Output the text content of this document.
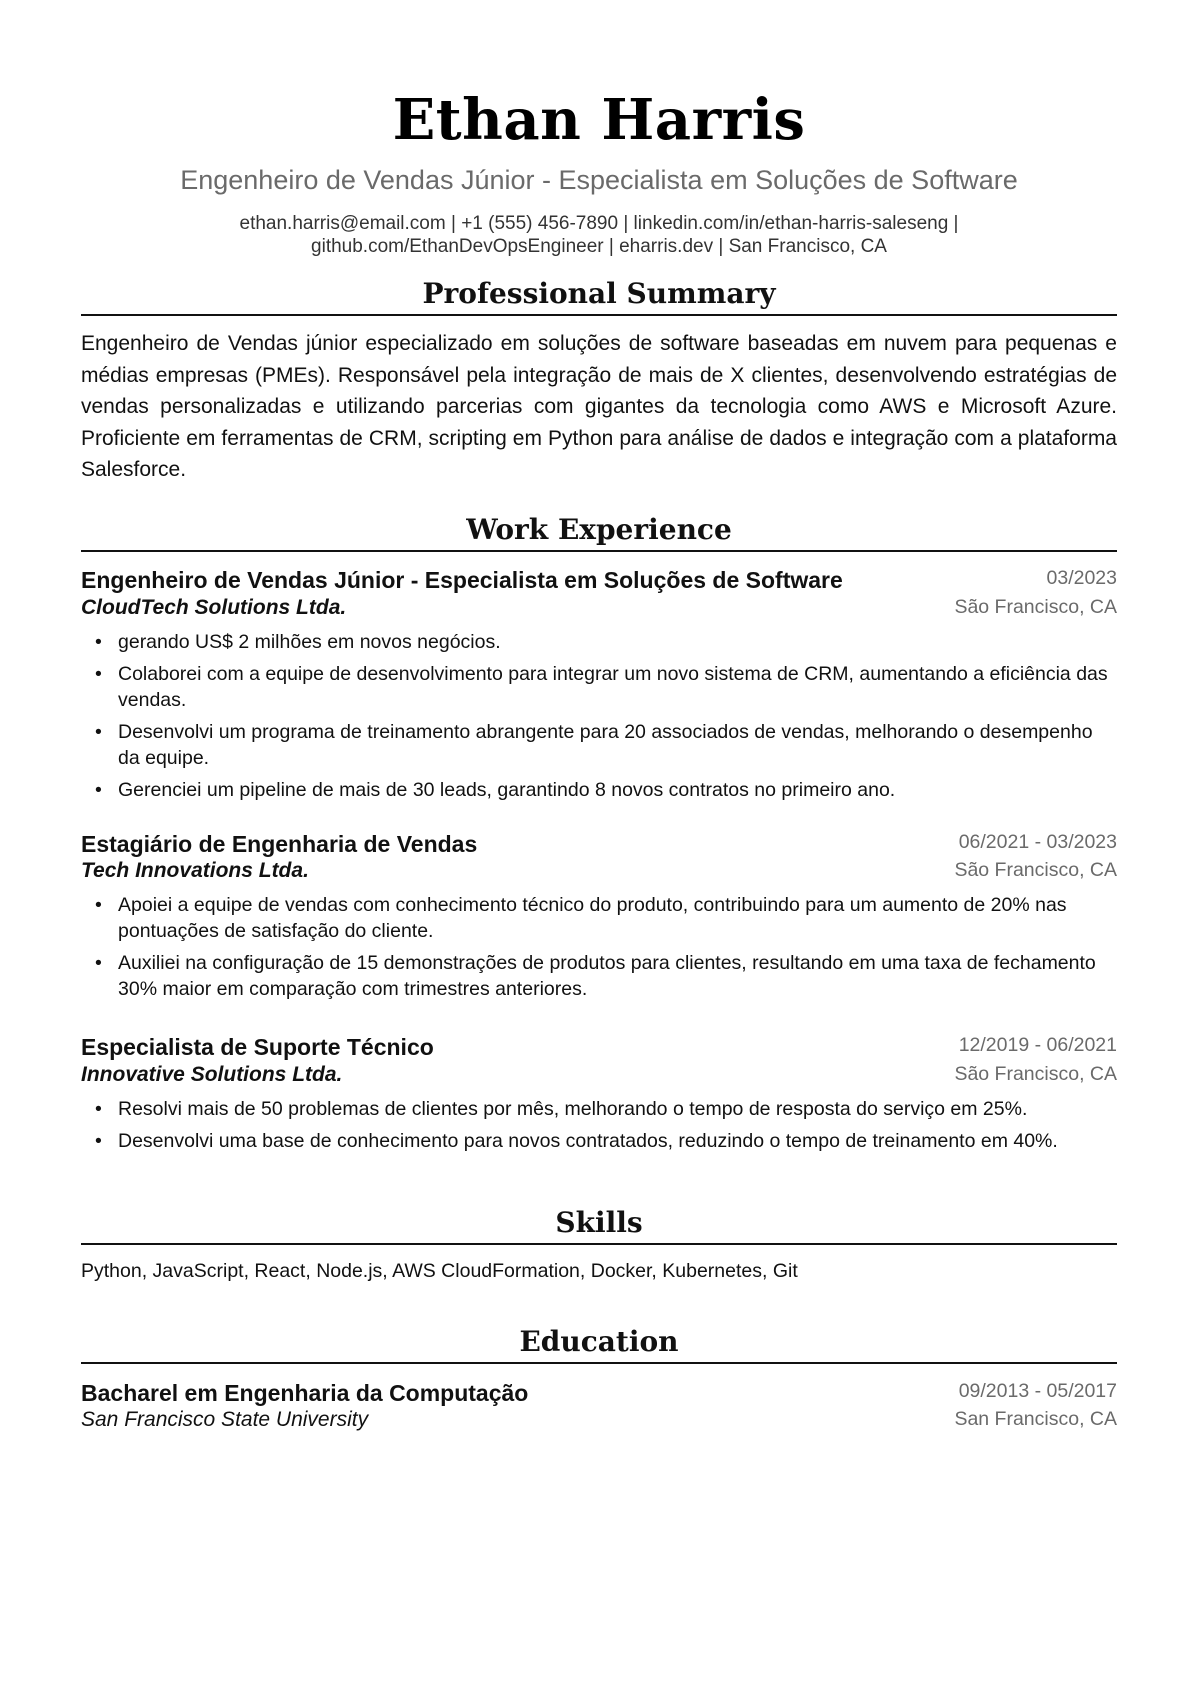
Ethan Harris
Engenheiro de Vendas Júnior - Especialista em Soluções de Software
ethan.harris@email.com | +1 (555) 456-7890 | linkedin.com/in/ethan-harris-saleseng |
github.com/EthanDevOpsEngineer | eharris.dev | San Francisco, CA
Professional Summary
Engenheiro de Vendas júnior especializado em soluções de software baseadas em nuvem para pequenas e médias empresas (PMEs). Responsável pela integração de mais de X clientes, desenvolvendo estratégias de vendas personalizadas e utilizando parcerias com gigantes da tecnologia como AWS e Microsoft Azure. Proficiente em ferramentas de CRM, scripting em Python para análise de dados e integração com a plataforma Salesforce.
Work Experience
Engenheiro de Vendas Júnior - Especialista em Soluções de Software	03/2023
CloudTech Solutions Ltda.	São Francisco, CA
• gerando US$ 2 milhões em novos negócios.
• Colaborei com a equipe de desenvolvimento para integrar um novo sistema de CRM, aumentando a eficiência das vendas.
• Desenvolvi um programa de treinamento abrangente para 20 associados de vendas, melhorando o desempenho da equipe.
• Gerenciei um pipeline de mais de 30 leads, garantindo 8 novos contratos no primeiro ano.
Estagiário de Engenharia de Vendas	06/2021 - 03/2023
Tech Innovations Ltda.	São Francisco, CA
• Apoiei a equipe de vendas com conhecimento técnico do produto, contribuindo para um aumento de 20% nas pontuações de satisfação do cliente.
• Auxiliei na configuração de 15 demonstrações de produtos para clientes, resultando em uma taxa de fechamento 30% maior em comparação com trimestres anteriores.
Especialista de Suporte Técnico	12/2019 - 06/2021
Innovative Solutions Ltda.	São Francisco, CA
• Resolvi mais de 50 problemas de clientes por mês, melhorando o tempo de resposta do serviço em 25%.
• Desenvolvi uma base de conhecimento para novos contratados, reduzindo o tempo de treinamento em 40%.
Skills
Python, JavaScript, React, Node.js, AWS CloudFormation, Docker, Kubernetes, Git
Education
Bacharel em Engenharia da Computação	09/2013 - 05/2017
San Francisco State University	San Francisco, CA
